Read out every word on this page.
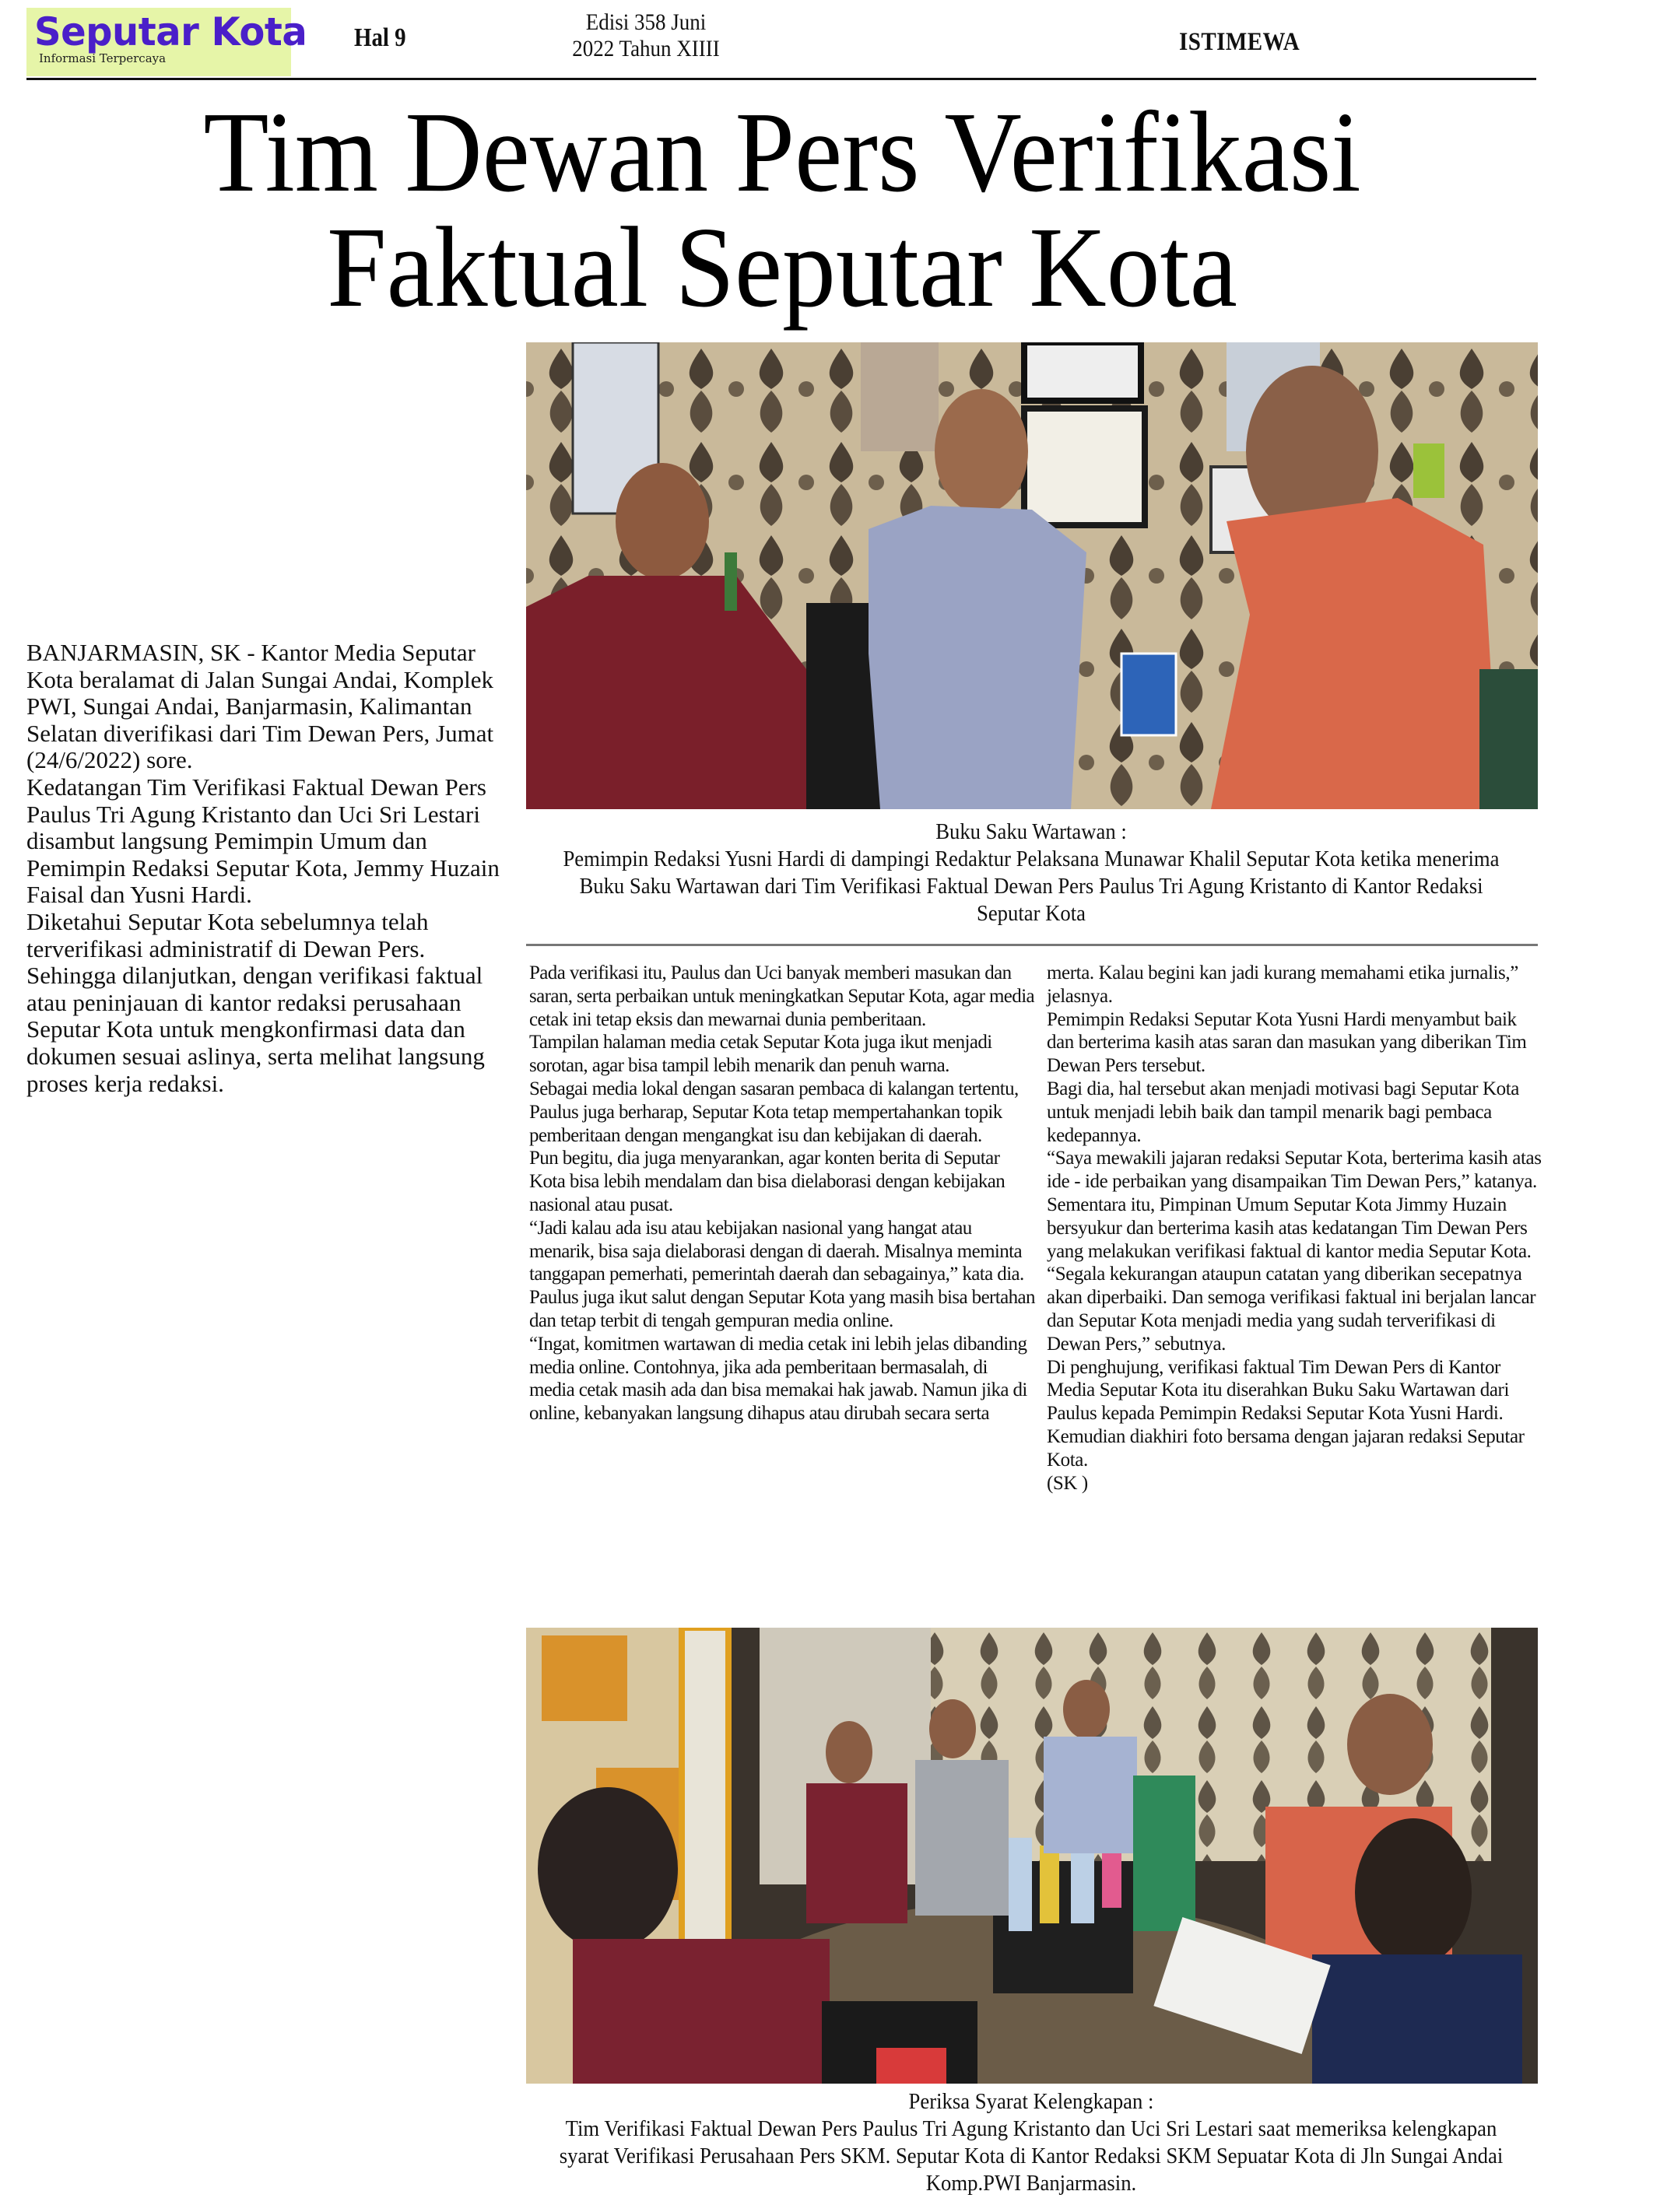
Seputar Kota
Informasi Terpercaya
Hal 9
Edisi 358 Juni
2022 Tahun XIIII	ISTIMEWA
Tim Dewan Pers Verifikasi
Faktual Seputar Kota
Buku Saku Wartawan :
Pemimpin Redaksi Yusni Hardi di dampingi Redaktur Pelaksana Munawar Khalil Seputar Kota ketika menerima Buku Saku Wartawan dari Tim Verifikasi Faktual Dewan Pers Paulus Tri Agung Kristanto di Kantor Redaksi Seputar Kota

BANJARMASIN, SK - Kantor Media Seputar Kota beralamat di Jalan Sungai Andai, Komplek PWI, Sungai Andai, Banjarmasin, Kalimantan Selatan diverifikasi dari Tim Dewan Pers, Jumat (24/6/2022) sore.

Kedatangan Tim Verifikasi Faktual Dewan Pers Paulus Tri Agung Kristanto dan Uci Sri Lestari disambut langsung Pemimpin Umum dan Pemimpin Redaksi Seputar Kota, Jemmy Huzain Faisal dan Yusni Hardi.

Diketahui Seputar Kota sebelumnya telah terverifikasi administratif di Dewan Pers. Sehingga dilanjutkan, dengan verifikasi faktual atau peninjauan di kantor redaksi perusahaan Seputar Kota untuk mengkonfirmasi data dan dokumen sesuai aslinya, serta melihat langsung proses kerja redaksi.

Pada verifikasi itu, Paulus dan Uci banyak memberi masukan dan saran, serta perbaikan untuk meningkatkan Seputar Kota, agar media cetak ini tetap eksis dan mewarnai dunia pemberitaan.

Tampilan halaman media cetak Seputar Kota juga ikut menjadi sorotan, agar bisa tampil lebih menarik dan penuh warna.

Sebagai media lokal dengan sasaran pembaca di kalangan tertentu, Paulus juga berharap, Seputar Kota tetap mempertahankan topik pemberitaan dengan mengangkat isu dan kebijakan di daerah.

Pun begitu, dia juga menyarankan, agar konten berita di Seputar Kota bisa lebih mendalam dan bisa dielaborasi dengan kebijakan nasional atau pusat.

“Jadi kalau ada isu atau kebijakan nasional yang hangat atau menarik, bisa saja dielaborasi dengan di daerah. Misalnya meminta tanggapan pemerhati, pemerintah daerah dan sebagainya,” kata dia.

Paulus juga ikut salut dengan Seputar Kota yang masih bisa bertahan dan tetap terbit di tengah gempuran media online.

“Ingat, komitmen wartawan di media cetak ini lebih jelas dibanding media online. Contohnya, jika ada pemberitaan bermasalah, di media cetak masih ada dan bisa memakai hak jawab. Namun jika di online, kebanyakan langsung dihapus atau dirubah secara serta

merta. Kalau begini kan jadi kurang memahami etika jurnalis,” jelasnya.

Pemimpin Redaksi Seputar Kota Yusni Hardi menyambut baik dan berterima kasih atas saran dan masukan yang diberikan Tim Dewan Pers tersebut.

Bagi dia, hal tersebut akan menjadi motivasi bagi Seputar Kota untuk menjadi lebih baik dan tampil menarik bagi pembaca kedepannya.

“Saya mewakili jajaran redaksi Seputar Kota, berterima kasih atas ide - ide perbaikan yang disampaikan Tim Dewan Pers,” katanya.

Sementara itu, Pimpinan Umum Seputar Kota Jimmy Huzain bersyukur dan berterima kasih atas kedatangan Tim Dewan Pers yang melakukan verifikasi faktual di kantor media Seputar Kota.

“Segala kekurangan ataupun catatan yang diberikan secepatnya akan diperbaiki. Dan semoga verifikasi faktual ini berjalan lancar dan Seputar Kota menjadi media yang sudah terverifikasi di Dewan Pers,” sebutnya.

Di penghujung, verifikasi faktual Tim Dewan Pers di Kantor Media Seputar Kota itu diserahkan Buku Saku Wartawan dari Paulus kepada Pemimpin Redaksi Seputar Kota Yusni Hardi. Kemudian diakhiri foto bersama dengan jajaran redaksi Seputar Kota.

(SK )

Periksa Syarat Kelengkapan :
Tim Verifikasi Faktual Dewan Pers Paulus Tri Agung Kristanto dan Uci Sri Lestari saat memeriksa kelengkapan syarat Verifikasi Perusahaan Pers SKM. Seputar Kota di Kantor Redaksi SKM Sepuatar Kota di Jln Sungai Andai Komp.PWI Banjarmasin.
